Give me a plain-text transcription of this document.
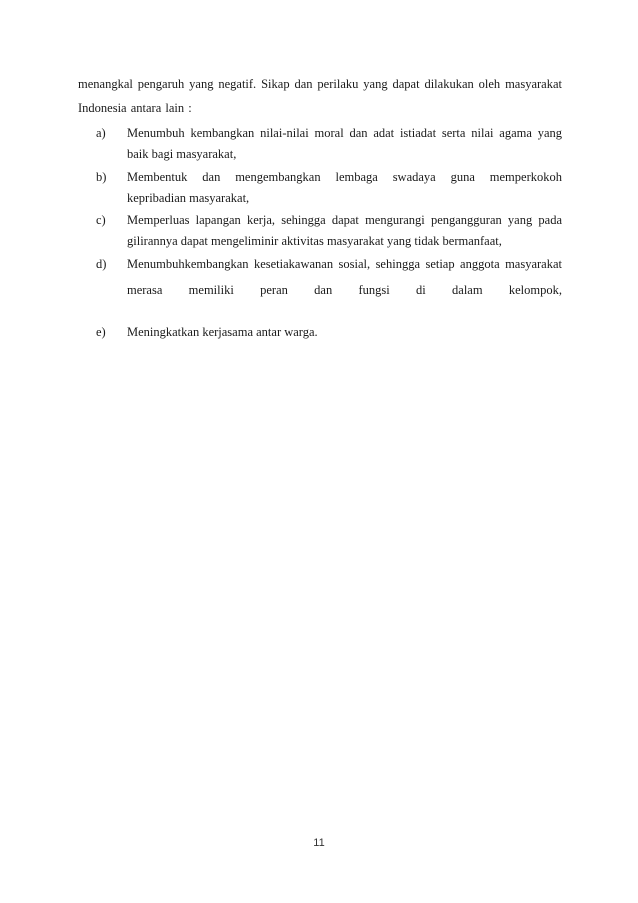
menangkal pengaruh yang negatif. Sikap dan perilaku yang dapat dilakukan oleh masyarakat
Indonesia antara lain :
a) Menumbuh kembangkan nilai-nilai moral dan adat istiadat serta nilai agama yang
baik bagi masyarakat,
b) Membentuk dan mengembangkan lembaga swadaya guna memperkokoh
kepribadian masyarakat,
c) Memperluas lapangan kerja, sehingga dapat mengurangi pengangguran yang pada
gilirannya dapat mengeliminir aktivitas masyarakat yang tidak bermanfaat,
d) Menumbuhkembangkan kesetiakawanan sosial, sehingga setiap anggota masyarakat
merasa memiliki peran dan fungsi di dalam kelompok,
e) Meningkatkan kerjasama antar warga.
11
